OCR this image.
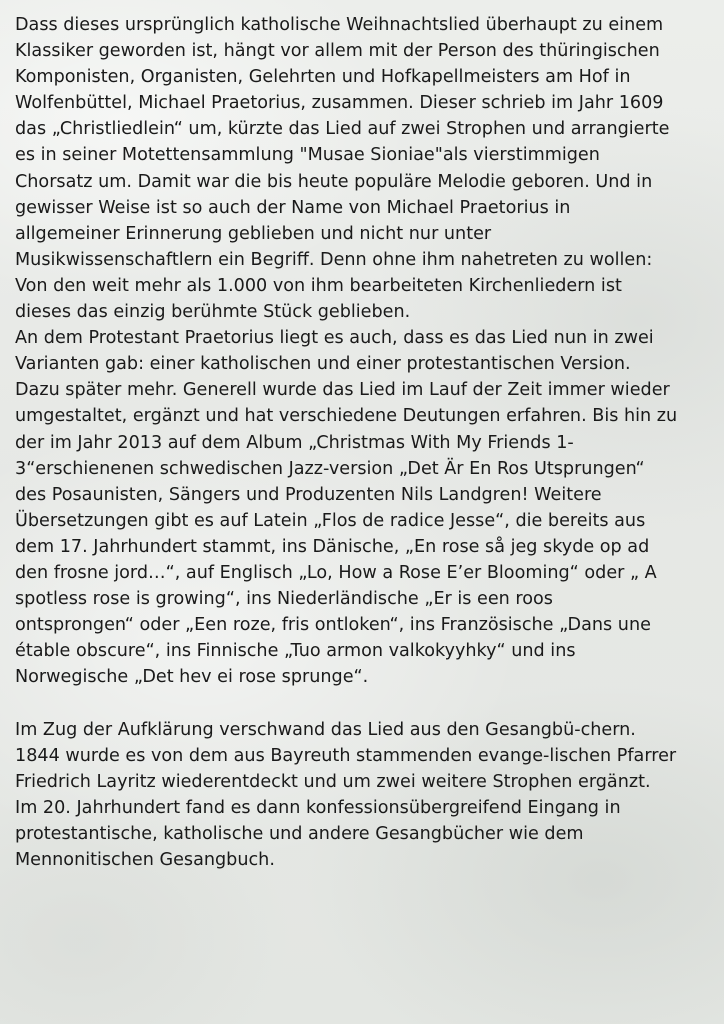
Dass dieses ursprünglich katholische Weihnachtslied überhaupt zu einem
Klassiker geworden ist, hängt vor allem mit der Person des thüringischen
Komponisten, Organisten, Gelehrten und Hofkapellmeisters am Hof in
Wolfenbüttel, Michael Praetorius, zusammen. Dieser schrieb im Jahr 1609
das „Christliedlein“ um, kürzte das Lied auf zwei Strophen und arrangierte
es in seiner Motettensammlung "Musae Sioniae"als vierstimmigen
Chorsatz um. Damit war die bis heute populäre Melodie geboren. Und in
gewisser Weise ist so auch der Name von Michael Praetorius in
allgemeiner Erinnerung geblieben und nicht nur unter
Musikwissenschaftlern ein Begriff. Denn ohne ihm nahetreten zu wollen:
Von den weit mehr als 1.000 von ihm bearbeiteten Kirchenliedern ist
dieses das einzig berühmte Stück geblieben.
An dem Protestant Praetorius liegt es auch, dass es das Lied nun in zwei
Varianten gab: einer katholischen und einer protestantischen Version.
Dazu später mehr. Generell wurde das Lied im Lauf der Zeit immer wieder
umgestaltet, ergänzt und hat verschiedene Deutungen erfahren. Bis hin zu
der im Jahr 2013 auf dem Album „Christmas With My Friends 1-
3“erschienenen schwedischen Jazz-version „Det Är En Ros Utsprungen“
des Posaunisten, Sängers und Produzenten Nils Landgren! Weitere
Übersetzungen gibt es auf Latein „Flos de radice Jesse“, die bereits aus
dem 17. Jahrhundert stammt, ins Dänische, „En rose så jeg skyde op ad
den frosne jord…“, auf Englisch „Lo, How a Rose E’er Blooming“ oder „ A
spotless rose is growing“, ins Niederländische „Er is een roos
ontsprongen“ oder „Een roze, fris ontloken“, ins Französische „Dans une
étable obscure“, ins Finnische „Tuo armon valkokyyhky“ und ins
Norwegische „Det hev ei rose sprunge“.
Im Zug der Aufklärung verschwand das Lied aus den Gesangbü-chern.
1844 wurde es von dem aus Bayreuth stammenden evange-lischen Pfarrer
Friedrich Layritz wiederentdeckt und um zwei weitere Strophen ergänzt.
Im 20. Jahrhundert fand es dann konfessionsübergreifend Eingang in
protestantische, katholische und andere Gesangbücher wie dem
Mennonitischen Gesangbuch.
